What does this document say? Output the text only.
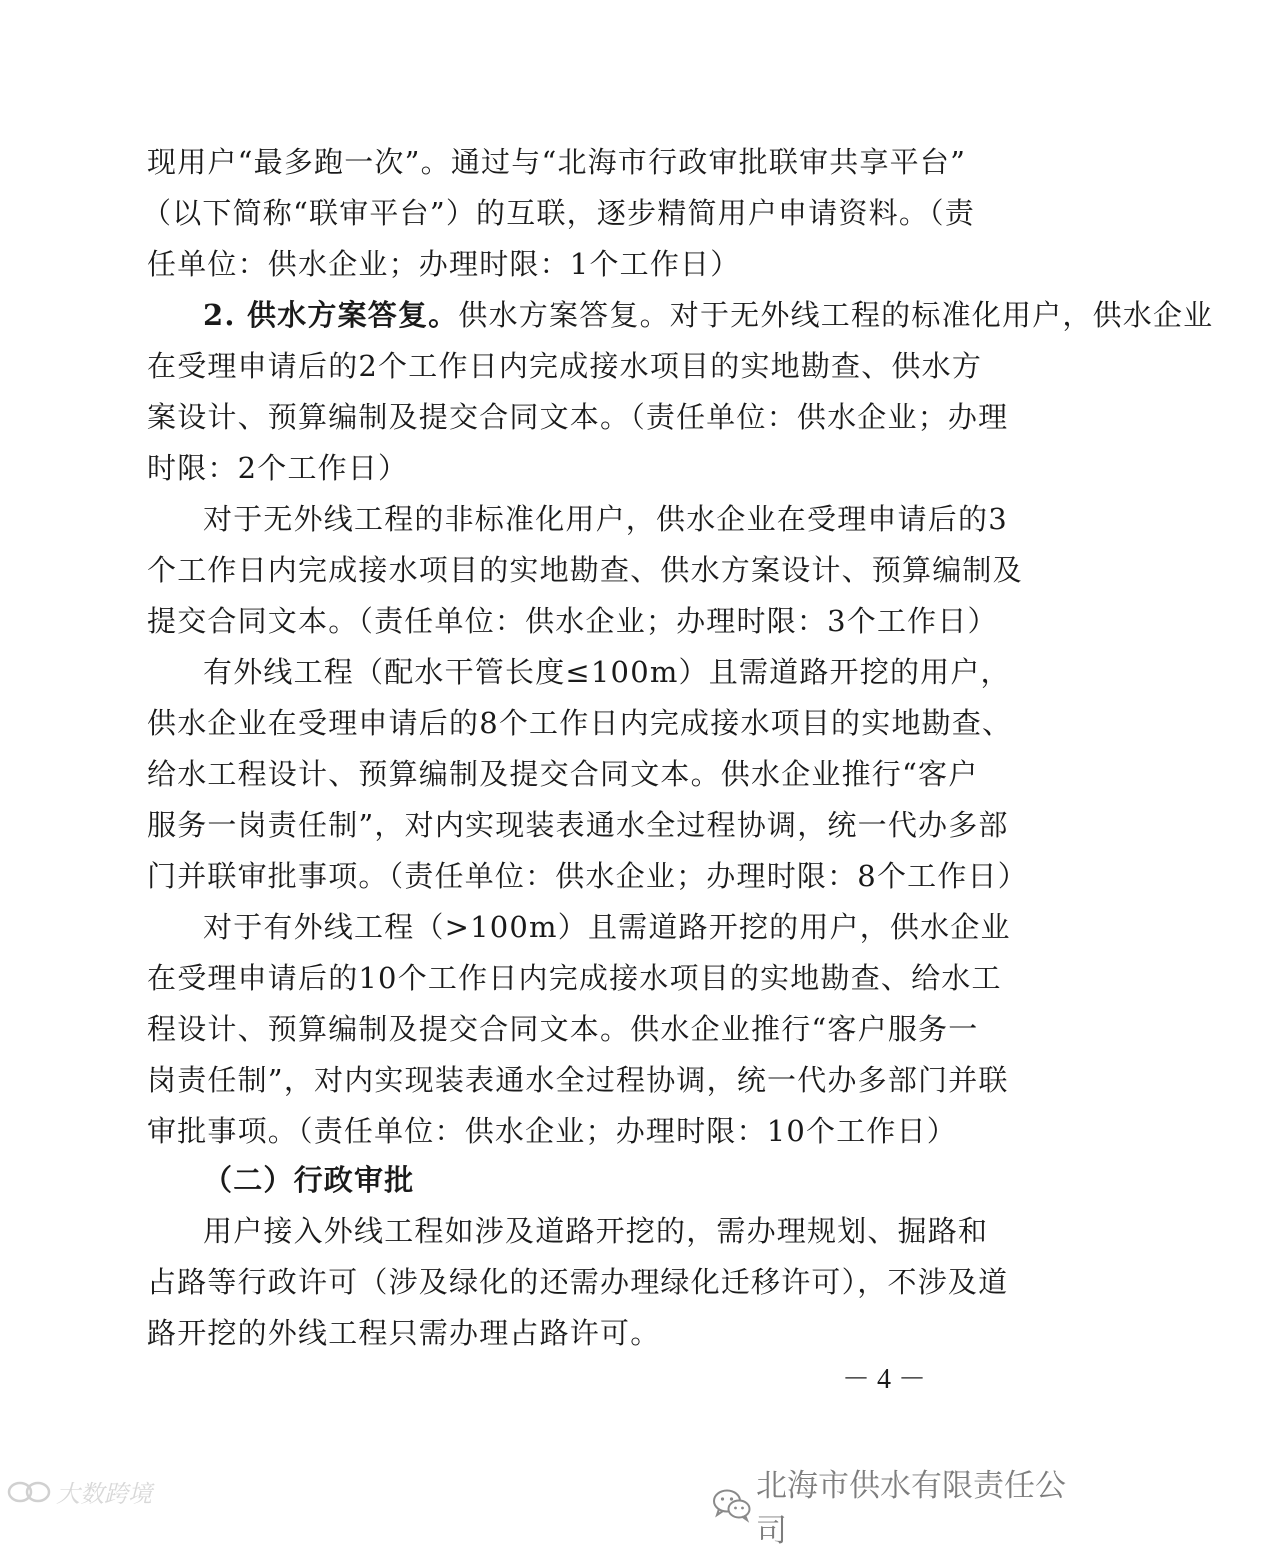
现用户“最多跑一次”。通过与“北海市行政审批联审共享平台”
（以下简称“联审平台”）的互联，逐步精简用户申请资料。（责
任单位：供水企业；办理时限：1个工作日）
2. 供水方案答复。供水方案答复。对于无外线工程的标准化用户，供水企业
在受理申请后的2个工作日内完成接水项目的实地勘查、供水方
案设计、预算编制及提交合同文本。（责任单位：供水企业；办理
时限：2个工作日）
对于无外线工程的非标准化用户，供水企业在受理申请后的3
个工作日内完成接水项目的实地勘查、供水方案设计、预算编制及
提交合同文本。（责任单位：供水企业；办理时限：3个工作日）
有外线工程（配水干管长度≤100m）且需道路开挖的用户，
供水企业在受理申请后的8个工作日内完成接水项目的实地勘查、
给水工程设计、预算编制及提交合同文本。供水企业推行“客户
服务一岗责任制”，对内实现装表通水全过程协调，统一代办多部
门并联审批事项。（责任单位：供水企业；办理时限：8个工作日）
对于有外线工程（>100m）且需道路开挖的用户，供水企业
在受理申请后的10个工作日内完成接水项目的实地勘查、给水工
程设计、预算编制及提交合同文本。供水企业推行“客户服务一
岗责任制”，对内实现装表通水全过程协调，统一代办多部门并联
审批事项。（责任单位：供水企业；办理时限：10个工作日）
（二）行政审批
用户接入外线工程如涉及道路开挖的，需办理规划、掘路和
占路等行政许可（涉及绿化的还需办理绿化迁移许可），不涉及道
路开挖的外线工程只需办理占路许可。
－ 4 －
大数跨境	北海市供水有限责任公司
